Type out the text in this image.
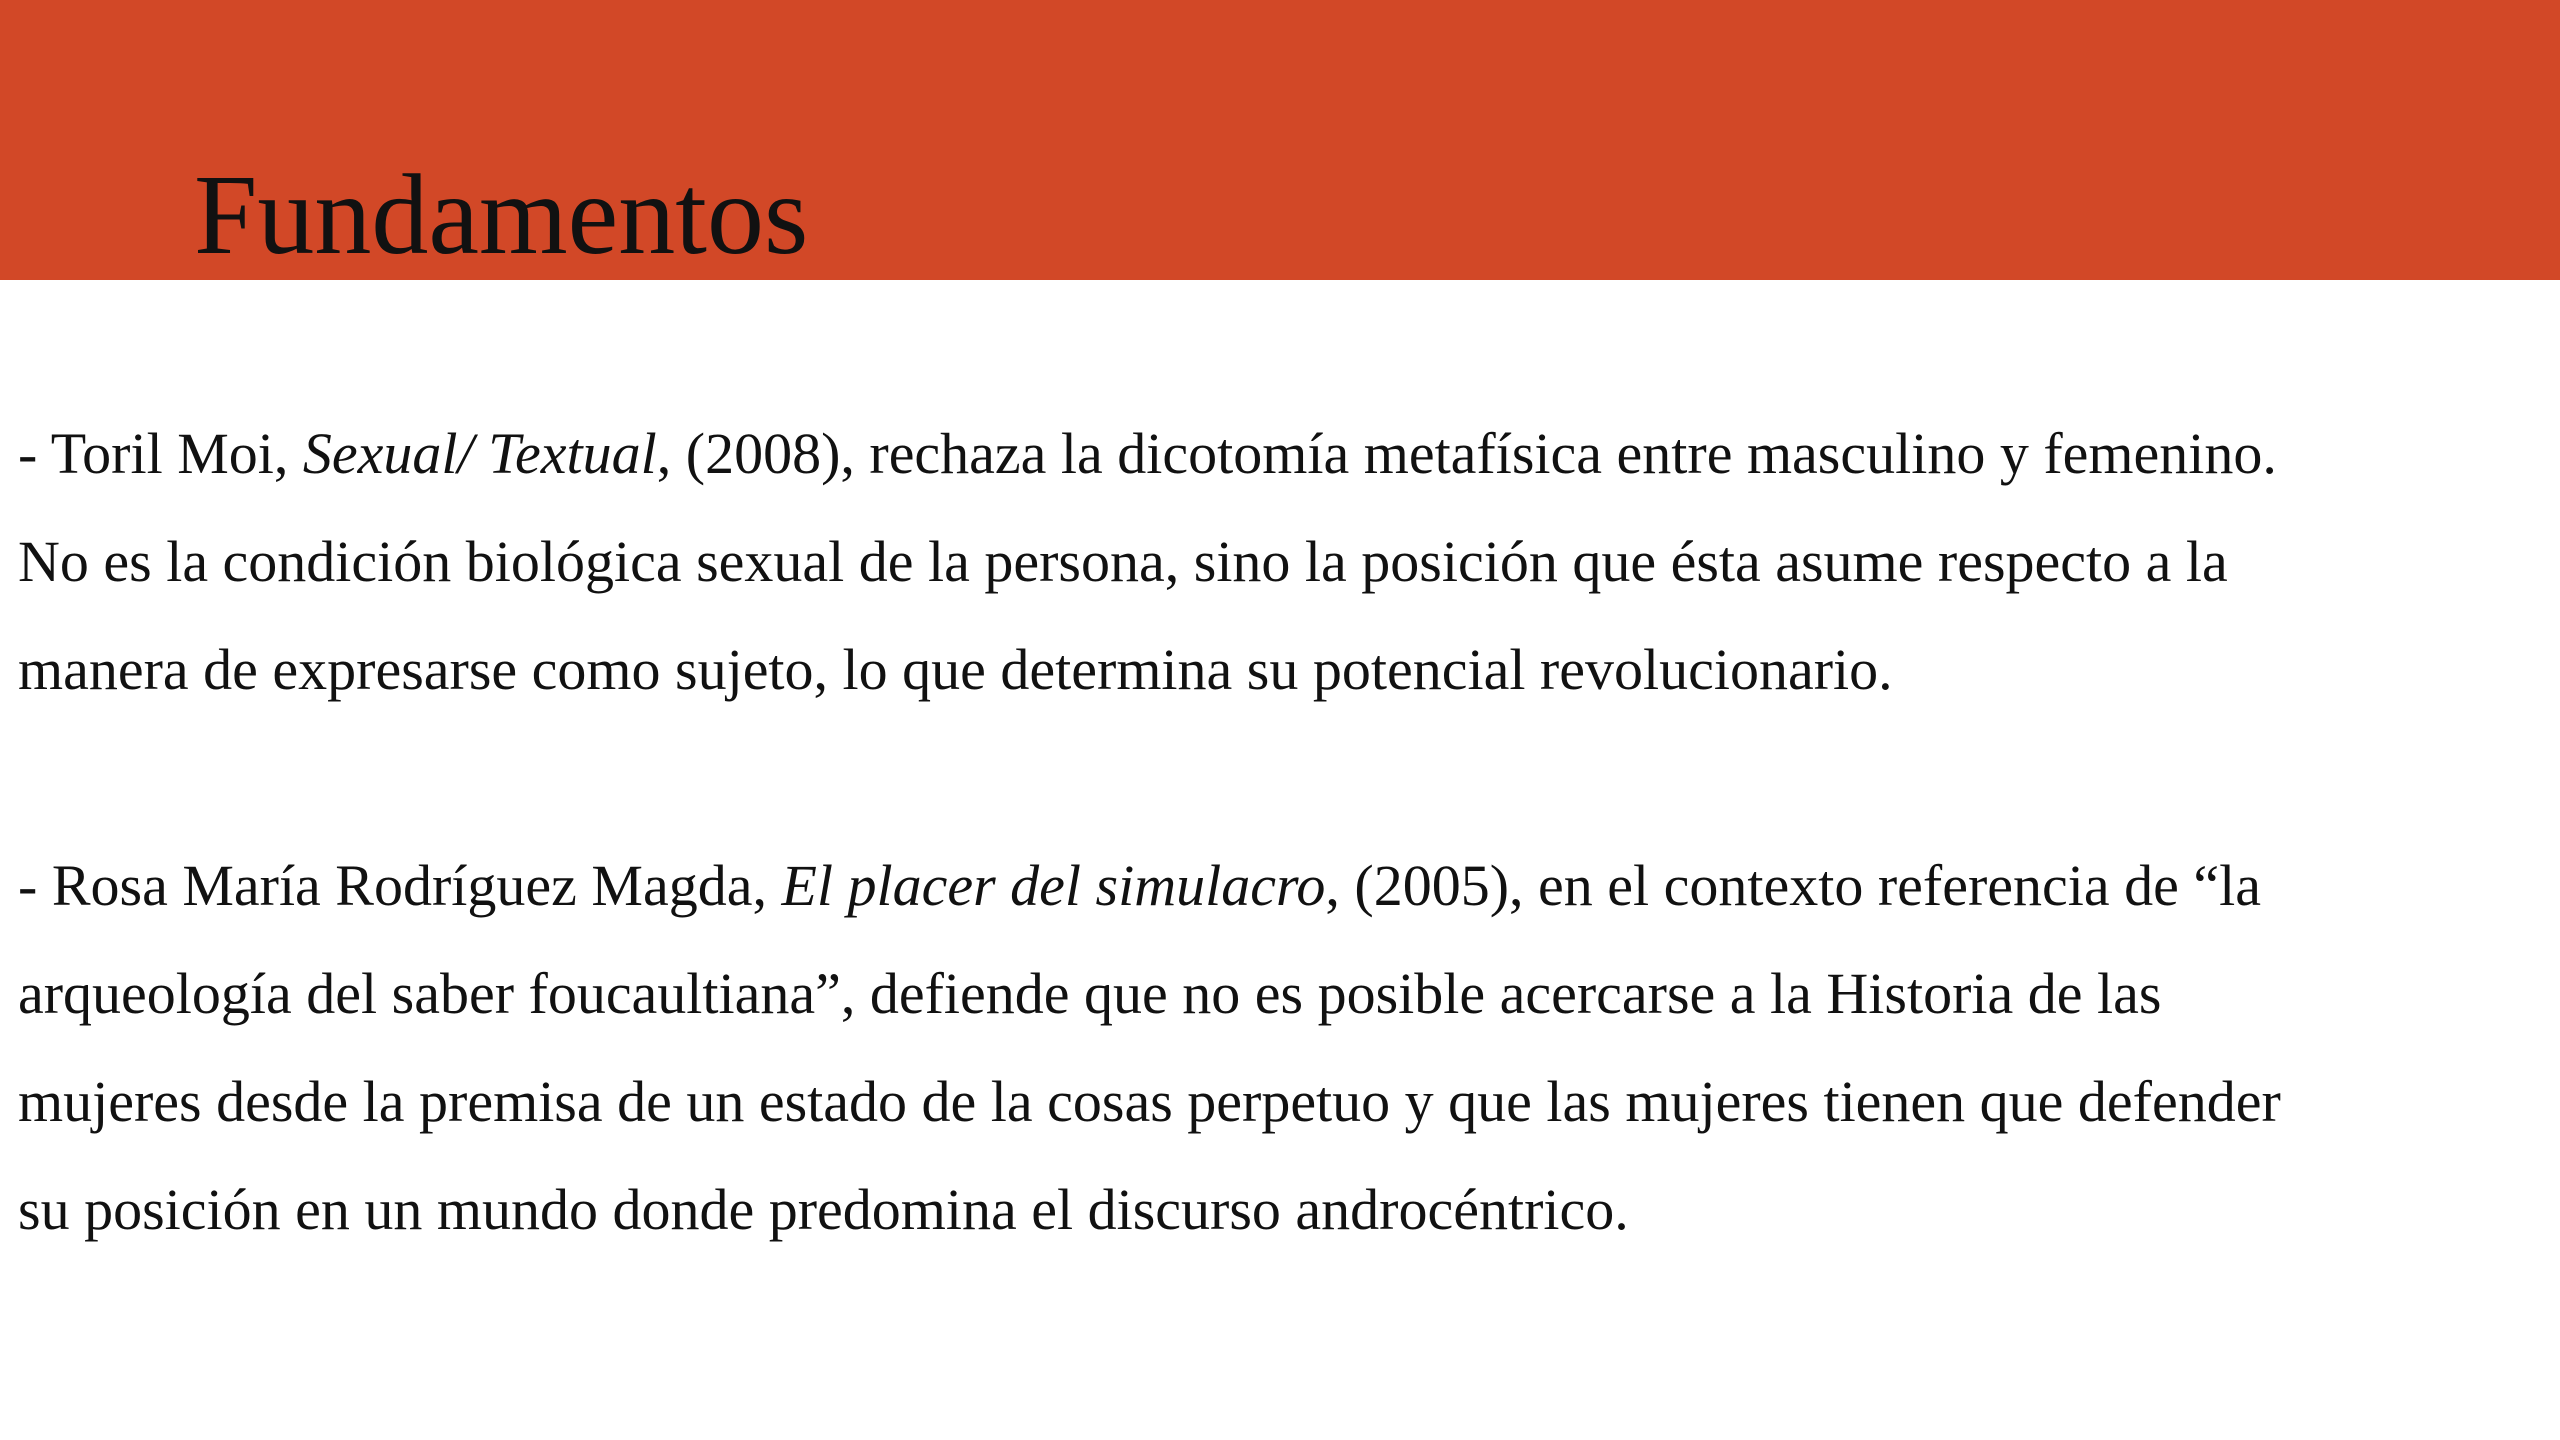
Fundamentos

- Toril Moi, Sexual/ Textual, (2008), rechaza la dicotomía metafísica entre masculino y femenino.
No es la condición biológica sexual de la persona, sino la posición que ésta asume respecto a la
manera de expresarse como sujeto, lo que determina su potencial revolucionario.

- Rosa María Rodríguez Magda, El placer del simulacro, (2005), en el contexto referencia de “la
arqueología del saber foucaultiana”, defiende que no es posible acercarse a la Historia de las
mujeres desde la premisa de un estado de la cosas perpetuo y que las mujeres tienen que defender
su posición en un mundo donde predomina el discurso androcéntrico.
